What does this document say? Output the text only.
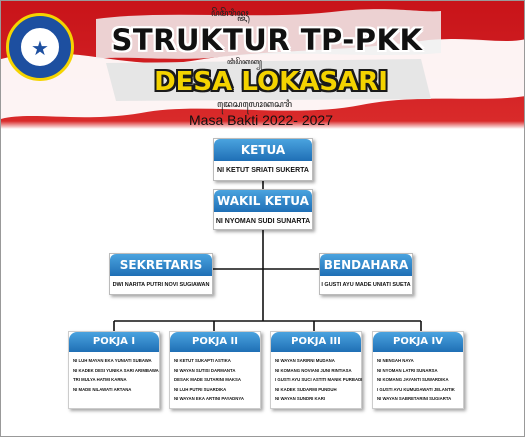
★
ꦥꦼꦩꦼꦫꦶꦤ꧀ꦠꦃ
STRUKTUR TP-PKK
ꦠꦶꦥꦼꦏꦏ꧀
DESA LOKASARI
ꦢꦺꦱꦭꦺꦴꦏꦱꦫꦶ
Masa Bakti 2022- 2027
KETUA
NI KETUT SRIATI SUKERTA
WAKIL KETUA
NI NYOMAN SUDI SUNARTA
SEKRETARIS
DWI NARITA PUTRI NOVI SUGIAWAN
BENDAHARA
I GUSTI AYU MADE UNIATI SUETA
POKJA I
NI LUH MAYAN EKA YUNIATI SUBAWA
NI KADEK DESI YUNIKA SARI ARIMBAWA
TRI MULYA HATMI KARNA
NI MADE NILAWATI ARTANA
POKJA II
NI KETUT SUKAPTI ASTIKA
NI WAYAN SUTISI DARMANTA
DESAK MADE SUTARINI MAKSA
NI LUH PUTRI SUARDIKA
NI WAYAN EKA ARTINI PAYADNYA
POKJA III
NI WAYAN SARIRNI MUDANA
NI KOMANG NOVIANI JUNI RINTIASA
I GUSTI AYU SUCI ASTITI MANIK PURBADI
NI KADEK SUDARMI PUNDUH
NI WAYAN SUNDRI KARI
POKJA IV
NI NENGAH NAYA
NI NYOMAN LATRI SUNARSA
NI KOMANG JAYANTI SUWARDIKA
I GUSTI AYU KUMUDAWATI JELANTIK
NI WAYAN SABRETARINI SUGIARTA
